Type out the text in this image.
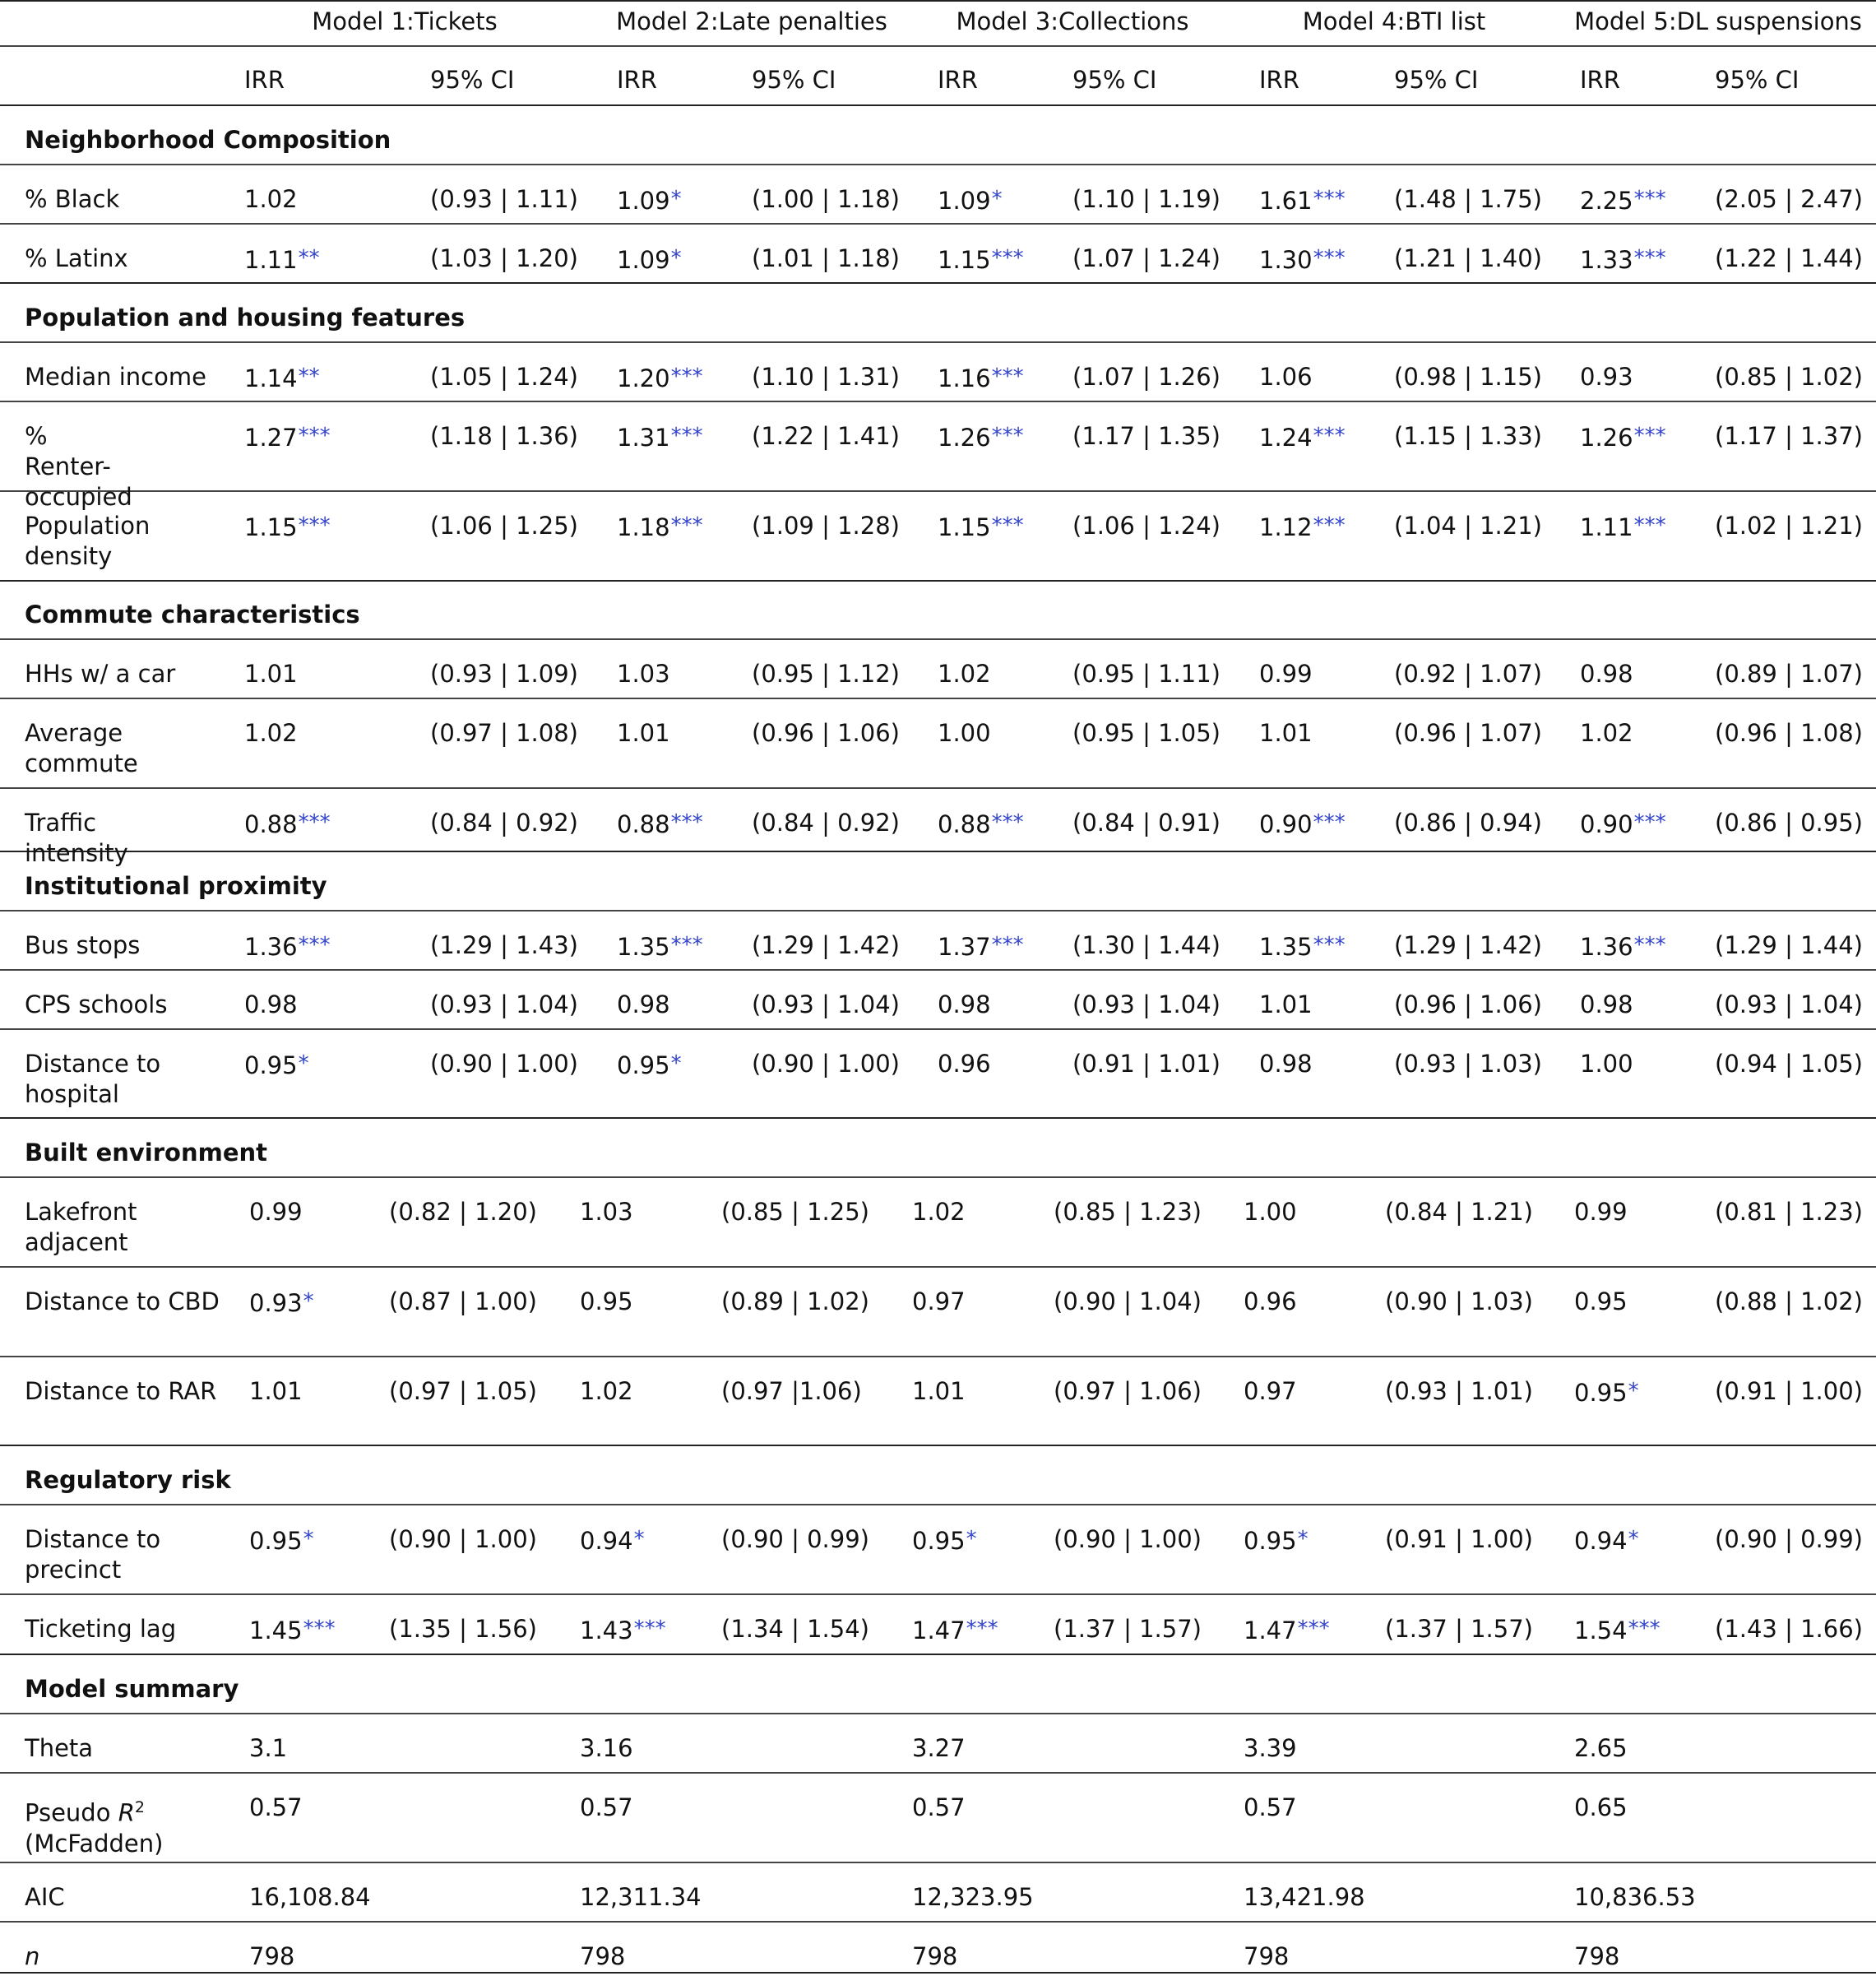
Model 1:Tickets	Model 2:Late penalties	Model 3:Collections	Model 4:BTI list	Model 5:DL suspensions
IRR	95% CI	IRR	95% CI	IRR	95% CI	IRR	95% CI	IRR	95% CI
Neighborhood Composition
% Black	1.02	(0.93 | 1.11) 1.09*	(1.00 | 1.18) 1.09*	(1.10 | 1.19) 1.61*** (1.48 | 1.75) 2.25*** (2.05 | 2.47)
% Latinx	1.11**	(1.03 | 1.20) 1.09*	(1.01 | 1.18) 1.15*** (1.07 | 1.24) 1.30*** (1.21 | 1.40) 1.33*** (1.22 | 1.44)
Population and housing features
Median income 1.14**	(1.05 | 1.24) 1.20*** (1.10 | 1.31) 1.16*** (1.07 | 1.26) 1.06	(0.98 | 1.15) 0.93	(0.85 | 1.02)
% Renter-occupied
1.27***	(1.18 | 1.36) 1.31*** (1.22 | 1.41) 1.26*** (1.17 | 1.35) 1.24*** (1.15 | 1.33) 1.26*** (1.17 | 1.37)
Population density
1.15***	(1.06 | 1.25) 1.18*** (1.09 | 1.28) 1.15*** (1.06 | 1.24) 1.12*** (1.04 | 1.21) 1.11*** (1.02 | 1.21)
Commute characteristics
HHs w/ a car	1.01	(0.93 | 1.09) 1.03	(0.95 | 1.12) 1.02	(0.95 | 1.11) 0.99	(0.92 | 1.07) 0.98	(0.89 | 1.07)
Average commute
1.02	(0.97 | 1.08) 1.01	(0.96 | 1.06) 1.00	(0.95 | 1.05) 1.01	(0.96 | 1.07) 1.02	(0.96 | 1.08)
Traffic intensity
0.88***	(0.84 | 0.92) 0.88*** (0.84 | 0.92) 0.88*** (0.84 | 0.91) 0.90*** (0.86 | 0.94) 0.90*** (0.86 | 0.95)
Institutional proximity
Bus stops	1.36***	(1.29 | 1.43) 1.35*** (1.29 | 1.42) 1.37*** (1.30 | 1.44) 1.35*** (1.29 | 1.42) 1.36*** (1.29 | 1.44)
CPS schools	0.98	(0.93 | 1.04) 0.98	(0.93 | 1.04) 0.98	(0.93 | 1.04) 1.01	(0.96 | 1.06) 0.98	(0.93 | 1.04)
Distance to hospital
0.95*	(0.90 | 1.00) 0.95*	(0.90 | 1.00) 0.96	(0.91 | 1.01) 0.98	(0.93 | 1.03) 1.00	(0.94 | 1.05)
Built environment
Lakefront adjacent
0.99	(0.82 | 1.20) 1.03	(0.85 | 1.25) 1.02	(0.85 | 1.23) 1.00	(0.84 | 1.21) 0.99	(0.81 | 1.23)
Distance to CBD 0.93*	(0.87 | 1.00) 0.95	(0.89 | 1.02) 0.97	(0.90 | 1.04) 0.96	(0.90 | 1.03) 0.95	(0.88 | 1.02)
Distance to RAR 1.01	(0.97 | 1.05) 1.02	(0.97 |1.06) 1.01	(0.97 | 1.06) 0.97	(0.93 | 1.01) 0.95*	(0.91 | 1.00)
Regulatory risk
Distance to precinct
0.95*	(0.90 | 1.00) 0.94*	(0.90 | 0.99) 0.95*	(0.90 | 1.00) 0.95*	(0.91 | 1.00) 0.94*	(0.90 | 0.99)
Ticketing lag	1.45*** (1.35 | 1.56) 1.43*** (1.34 | 1.54) 1.47*** (1.37 | 1.57) 1.47*** (1.37 | 1.57) 1.54*** (1.43 | 1.66)
Model summary
Theta	3.1	3.16	3.27	3.39	2.65
Pseudo $R^2$
(McFadden)
0.57	0.57	0.57	0.57	0.65
AIC	16,108.84	12,311.34	12,323.95	13,421.98	10,836.53
n	798	798	798	798	798
